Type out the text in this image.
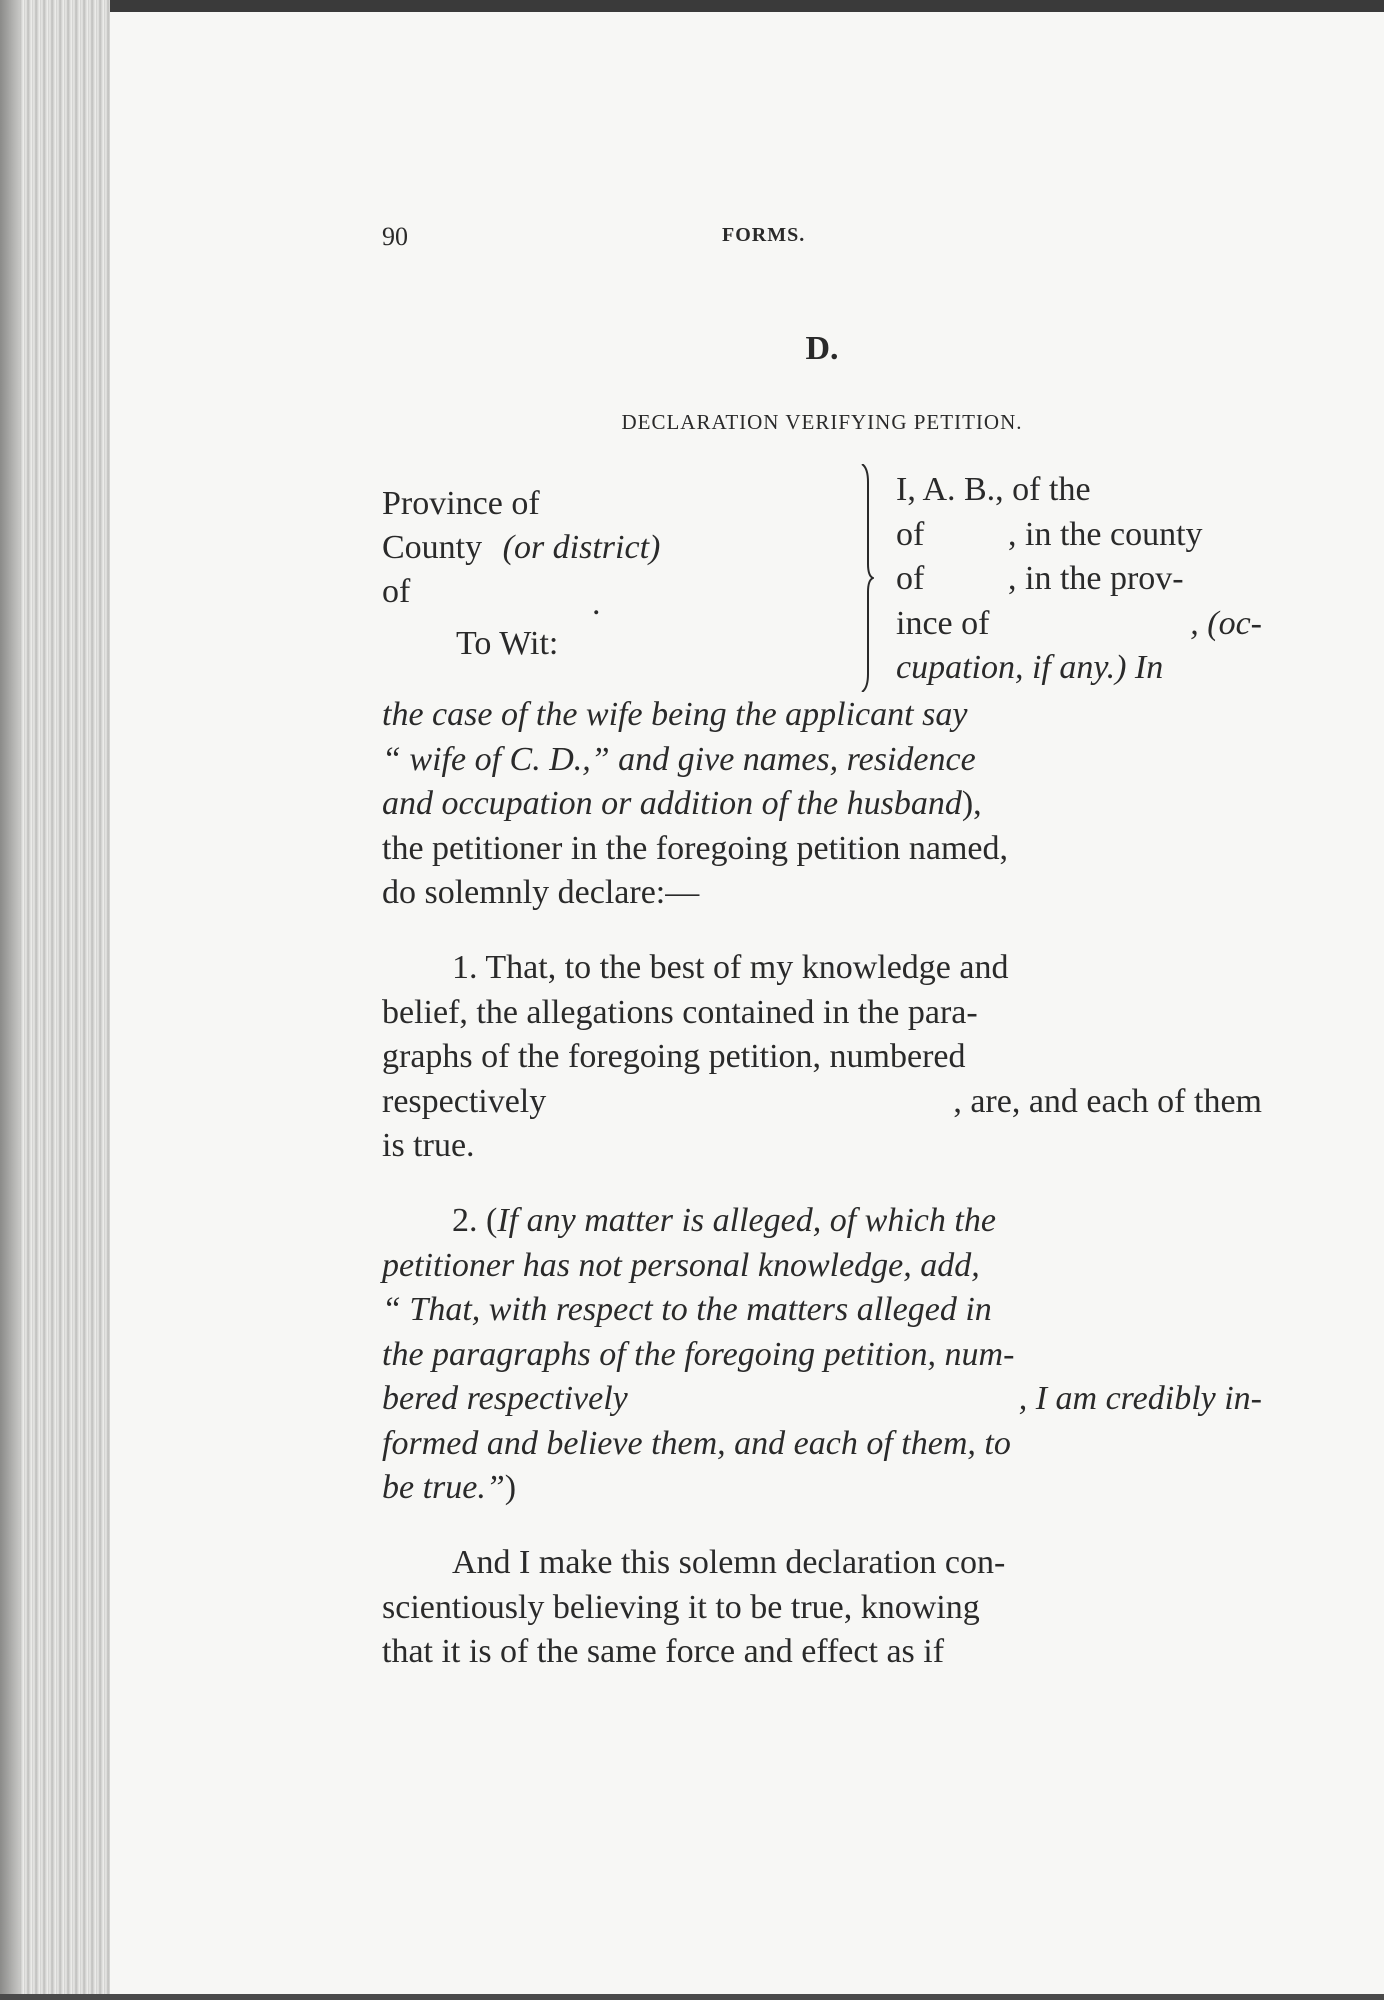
90	FORMS.
D.
DECLARATION VERIFYING PETITION.
Province of
County (or district)
of	.
To Wit:
I, A. B., of the
of , in the county
of , in the prov-
ince of	, (oc-
cupation, if any.) In
the case of the wife being the applicant say
“ wife of C. D.,” and give names, residence
and occupation or addition of the husband),
the petitioner in the foregoing petition named,
do solemnly declare:—
1. That, to the best of my knowledge and
belief, the allegations contained in the para-
graphs of the foregoing petition, numbered
respectively	, are, and each of them
is true.
2. (If any matter is alleged, of which the
petitioner has not personal knowledge, add,
“ That, with respect to the matters alleged in
the paragraphs of the foregoing petition, num-
bered respectively	, I am credibly in-
formed and believe them, and each of them, to
be true.”)
And I make this solemn declaration con-
scientiously believing it to be true, knowing
that it is of the same force and effect as if
